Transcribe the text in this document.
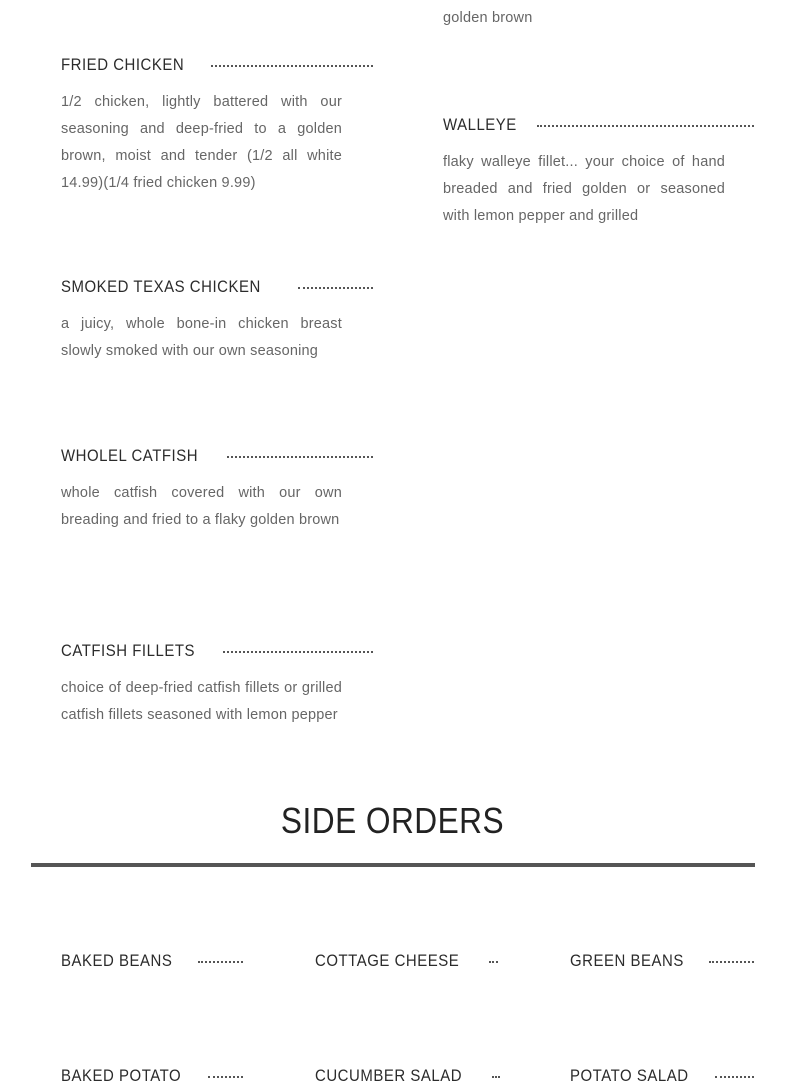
golden brown
FRIED CHICKEN
1/2 chicken, lightly battered with our seasoning and deep-fried to a golden brown, moist and tender (1/2 all white 14.99)(1/4 fried chicken 9.99)
SMOKED TEXAS CHICKEN
a juicy, whole bone-in chicken breast slowly smoked with our own seasoning
WHOLEL CATFISH
whole catfish covered with our own breading and fried to a flaky golden brown
CATFISH FILLETS
choice of deep-fried catfish fillets or grilled catfish fillets seasoned with lemon pepper
WALLEYE
flaky walleye fillet... your choice of hand breaded and fried golden or seasoned with lemon pepper and grilled
SIDE ORDERS
BAKED BEANS	COTTAGE CHEESE	GREEN BEANS
BAKED POTATO	CUCUMBER SALAD	POTATO SALAD
